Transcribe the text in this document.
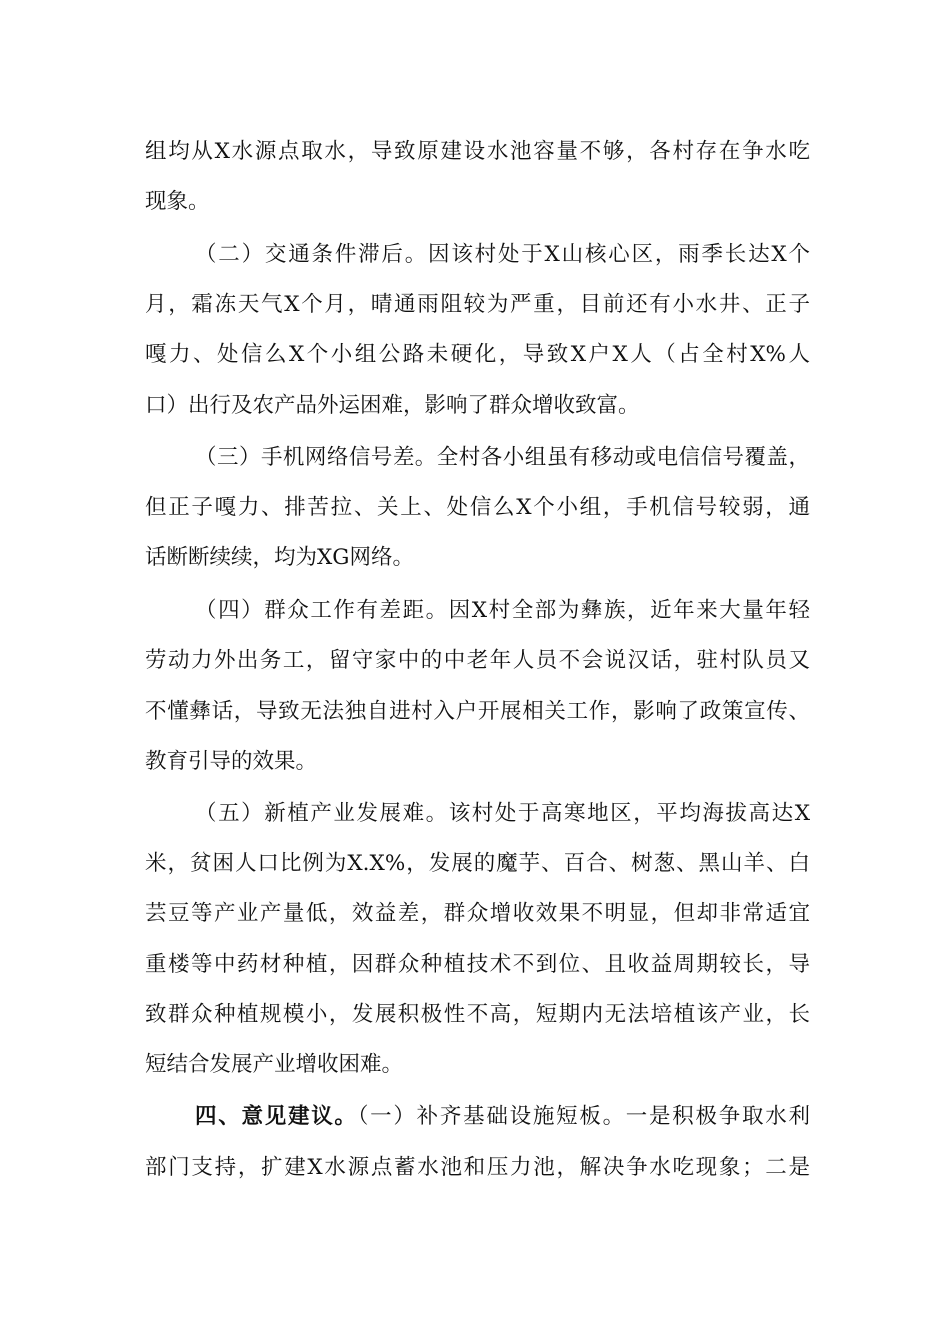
组均从X水源点取水，导致原建设水池容量不够，各村存在争水吃
现象。
（二）交通条件滞后。因该村处于X山核心区，雨季长达X个
月，霜冻天气X个月，晴通雨阻较为严重，目前还有小水井、正子
嘎力、处信么X个小组公路未硬化，导致X户X人（占全村X%人
口）出行及农产品外运困难，影响了群众增收致富。
（三）手机网络信号差。全村各小组虽有移动或电信信号覆盖，
但正子嘎力、排苦拉、关上、处信么X个小组，手机信号较弱，通
话断断续续，均为XG网络。
（四）群众工作有差距。因X村全部为彝族，近年来大量年轻
劳动力外出务工，留守家中的中老年人员不会说汉话，驻村队员又
不懂彝话，导致无法独自进村入户开展相关工作，影响了政策宣传、
教育引导的效果。
（五）新植产业发展难。该村处于高寒地区，平均海拔高达X
米，贫困人口比例为X.X%，发展的魔芋、百合、树葱、黑山羊、白
芸豆等产业产量低，效益差，群众增收效果不明显，但却非常适宜
重楼等中药材种植，因群众种植技术不到位、且收益周期较长，导
致群众种植规模小，发展积极性不高，短期内无法培植该产业，长
短结合发展产业增收困难。
四、意见建议。（一）补齐基础设施短板。一是积极争取水利
部门支持，扩建X水源点蓄水池和压力池，解决争水吃现象；二是
